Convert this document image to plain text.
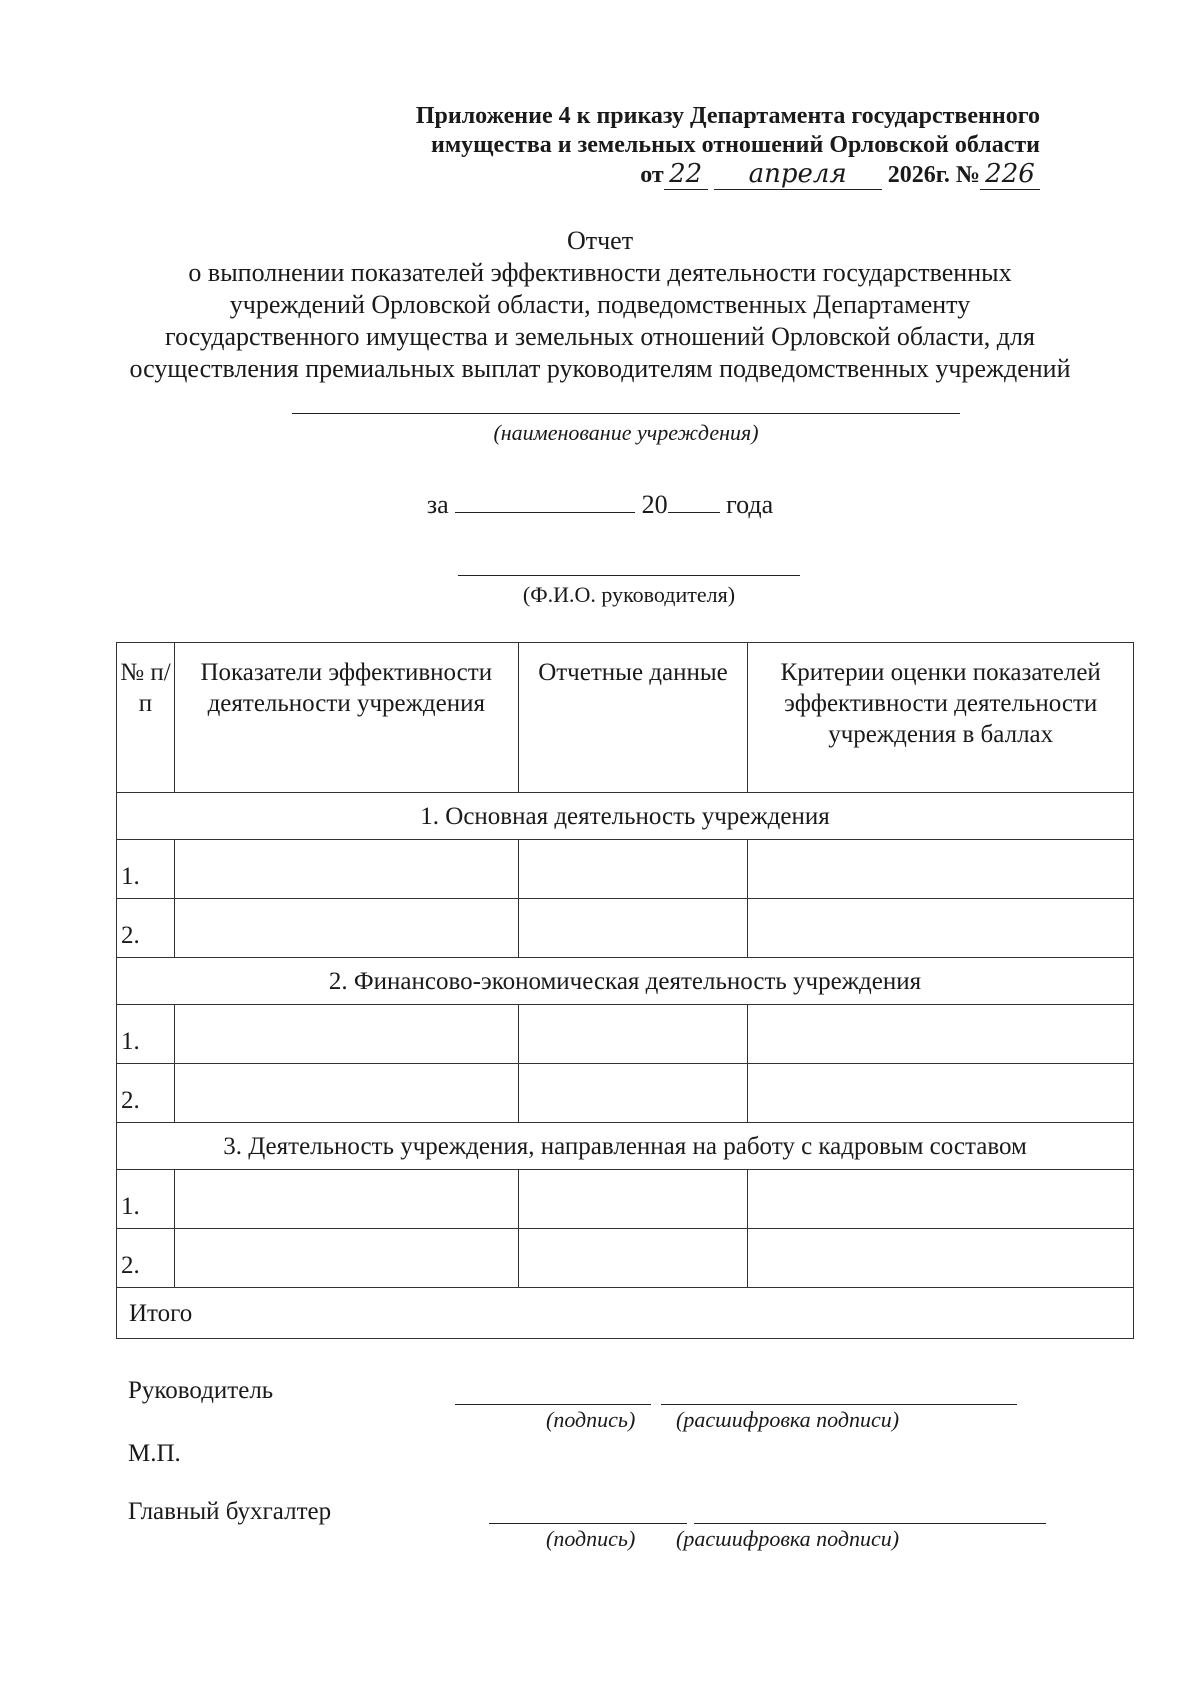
Приложение 4 к приказу Департамента государственного
имущества и земельных отношений Орловской области
от 22 апреля 2026г. № 226
Отчет
о выполнении показателей эффективности деятельности государственных
учреждений Орловской области, подведомственных Департаменту
государственного имущества и земельных отношений Орловской области, для
осуществления премиальных выплат руководителям подведомственных учреждений
(наименование учреждения)
за	20 года
(Ф.И.О. руководителя)
№ п/п	Показатели эффективности деятельности учреждения	Отчетные данные	Критерии оценки показателей эффективности деятельности учреждения в баллах
1. Основная деятельность учреждения			
1.			
2.			
2. Финансово-экономическая деятельность учреждения			
1.			
2.			
3. Деятельность учреждения, направленная на работу с кадровым составом			
1.			
2.			
Итого			
Руководитель
(подпись) (расшифровка подписи)
М.П.
Главный бухгалтер
(подпись) (расшифровка подписи)
